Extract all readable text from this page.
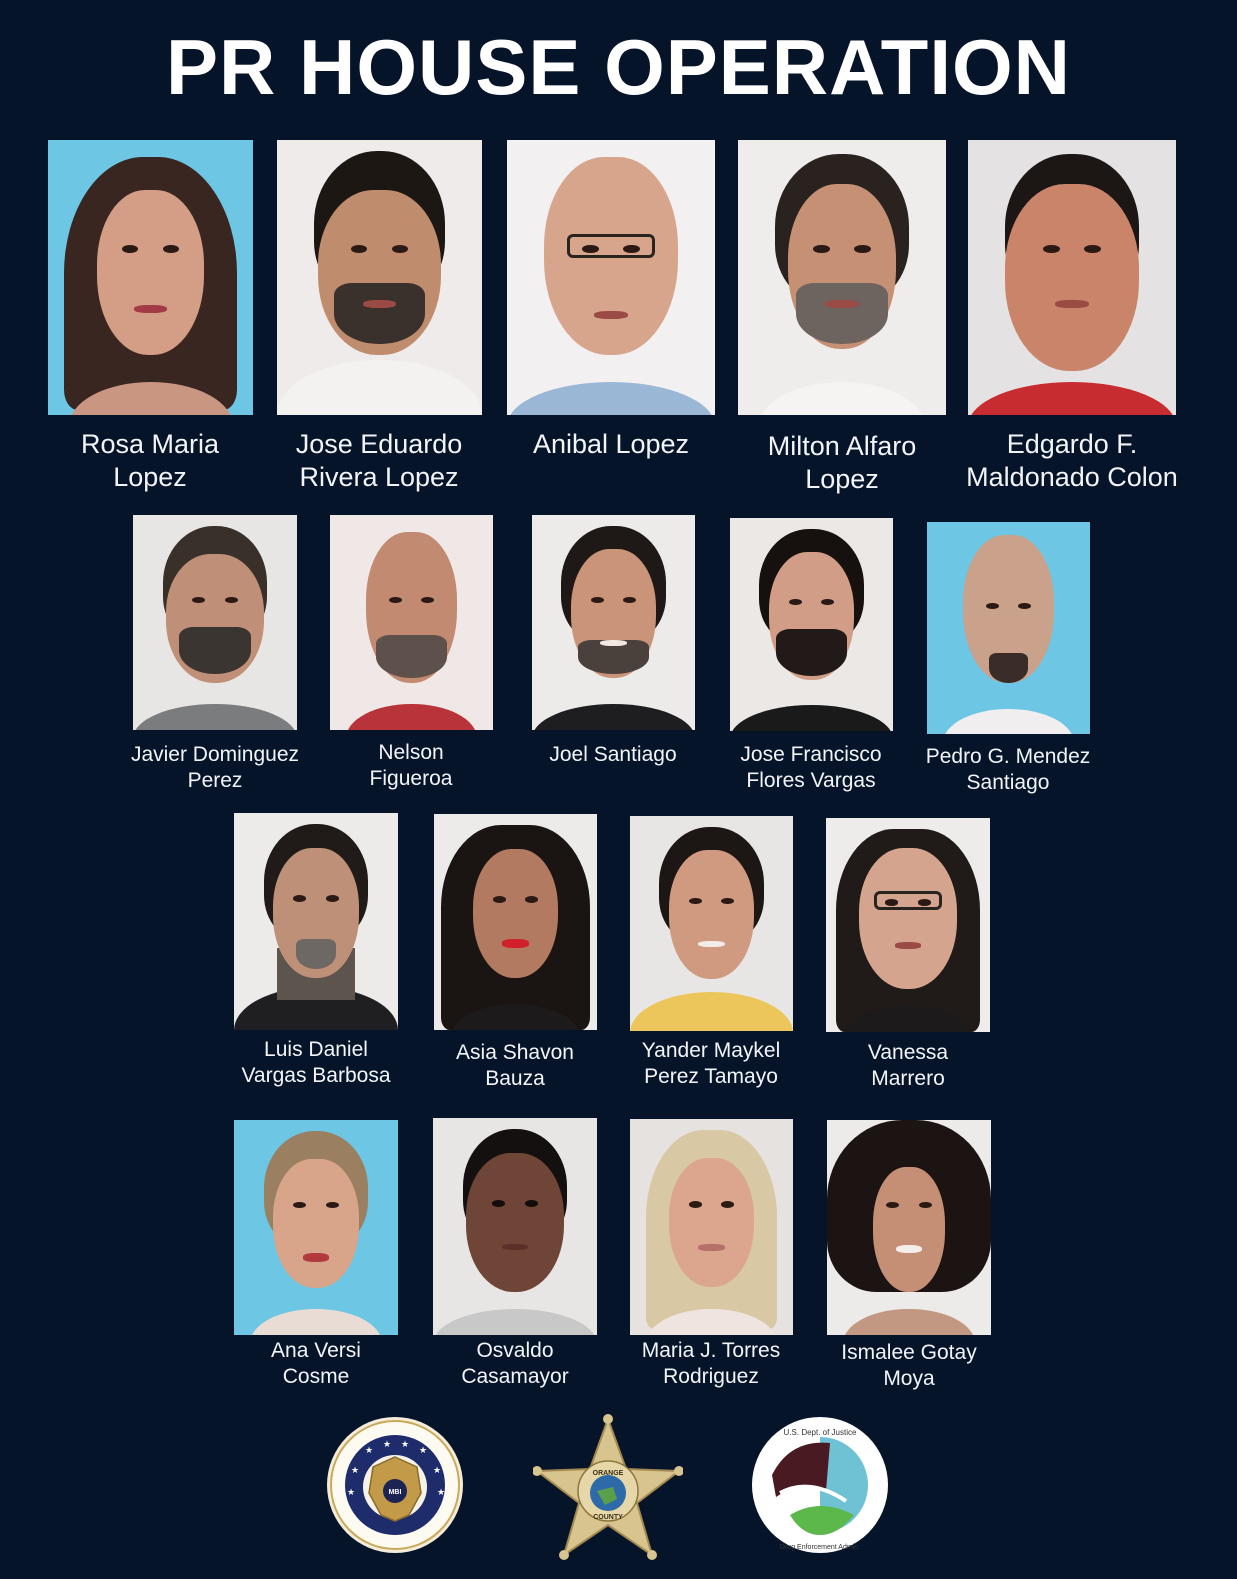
PR HOUSE OPERATION
Rosa Maria
Lopez
Jose Eduardo
Rivera Lopez
Anibal Lopez	Milton Alfaro
Lopez
Edgardo F.
Maldonado Colon
Javier Dominguez
Perez
Nelson
Figueroa
Joel Santiago	Jose Francisco
Flores Vargas
Pedro G. Mendez
Santiago
Luis Daniel
Vargas Barbosa
Asia Shavon
Bauza
Yander Maykel
Perez Tamayo
Vanessa
Marrero
Ana Versi
Cosme
Osvaldo
Casamayor
Maria J. Torres
Rodriguez
Ismalee Gotay
Moya
★
★ ★
★
★	★
★	★
MBI
ORANGE
COUNTY
U.S. Dept. of Justice
Drug Enforcement Admin.
